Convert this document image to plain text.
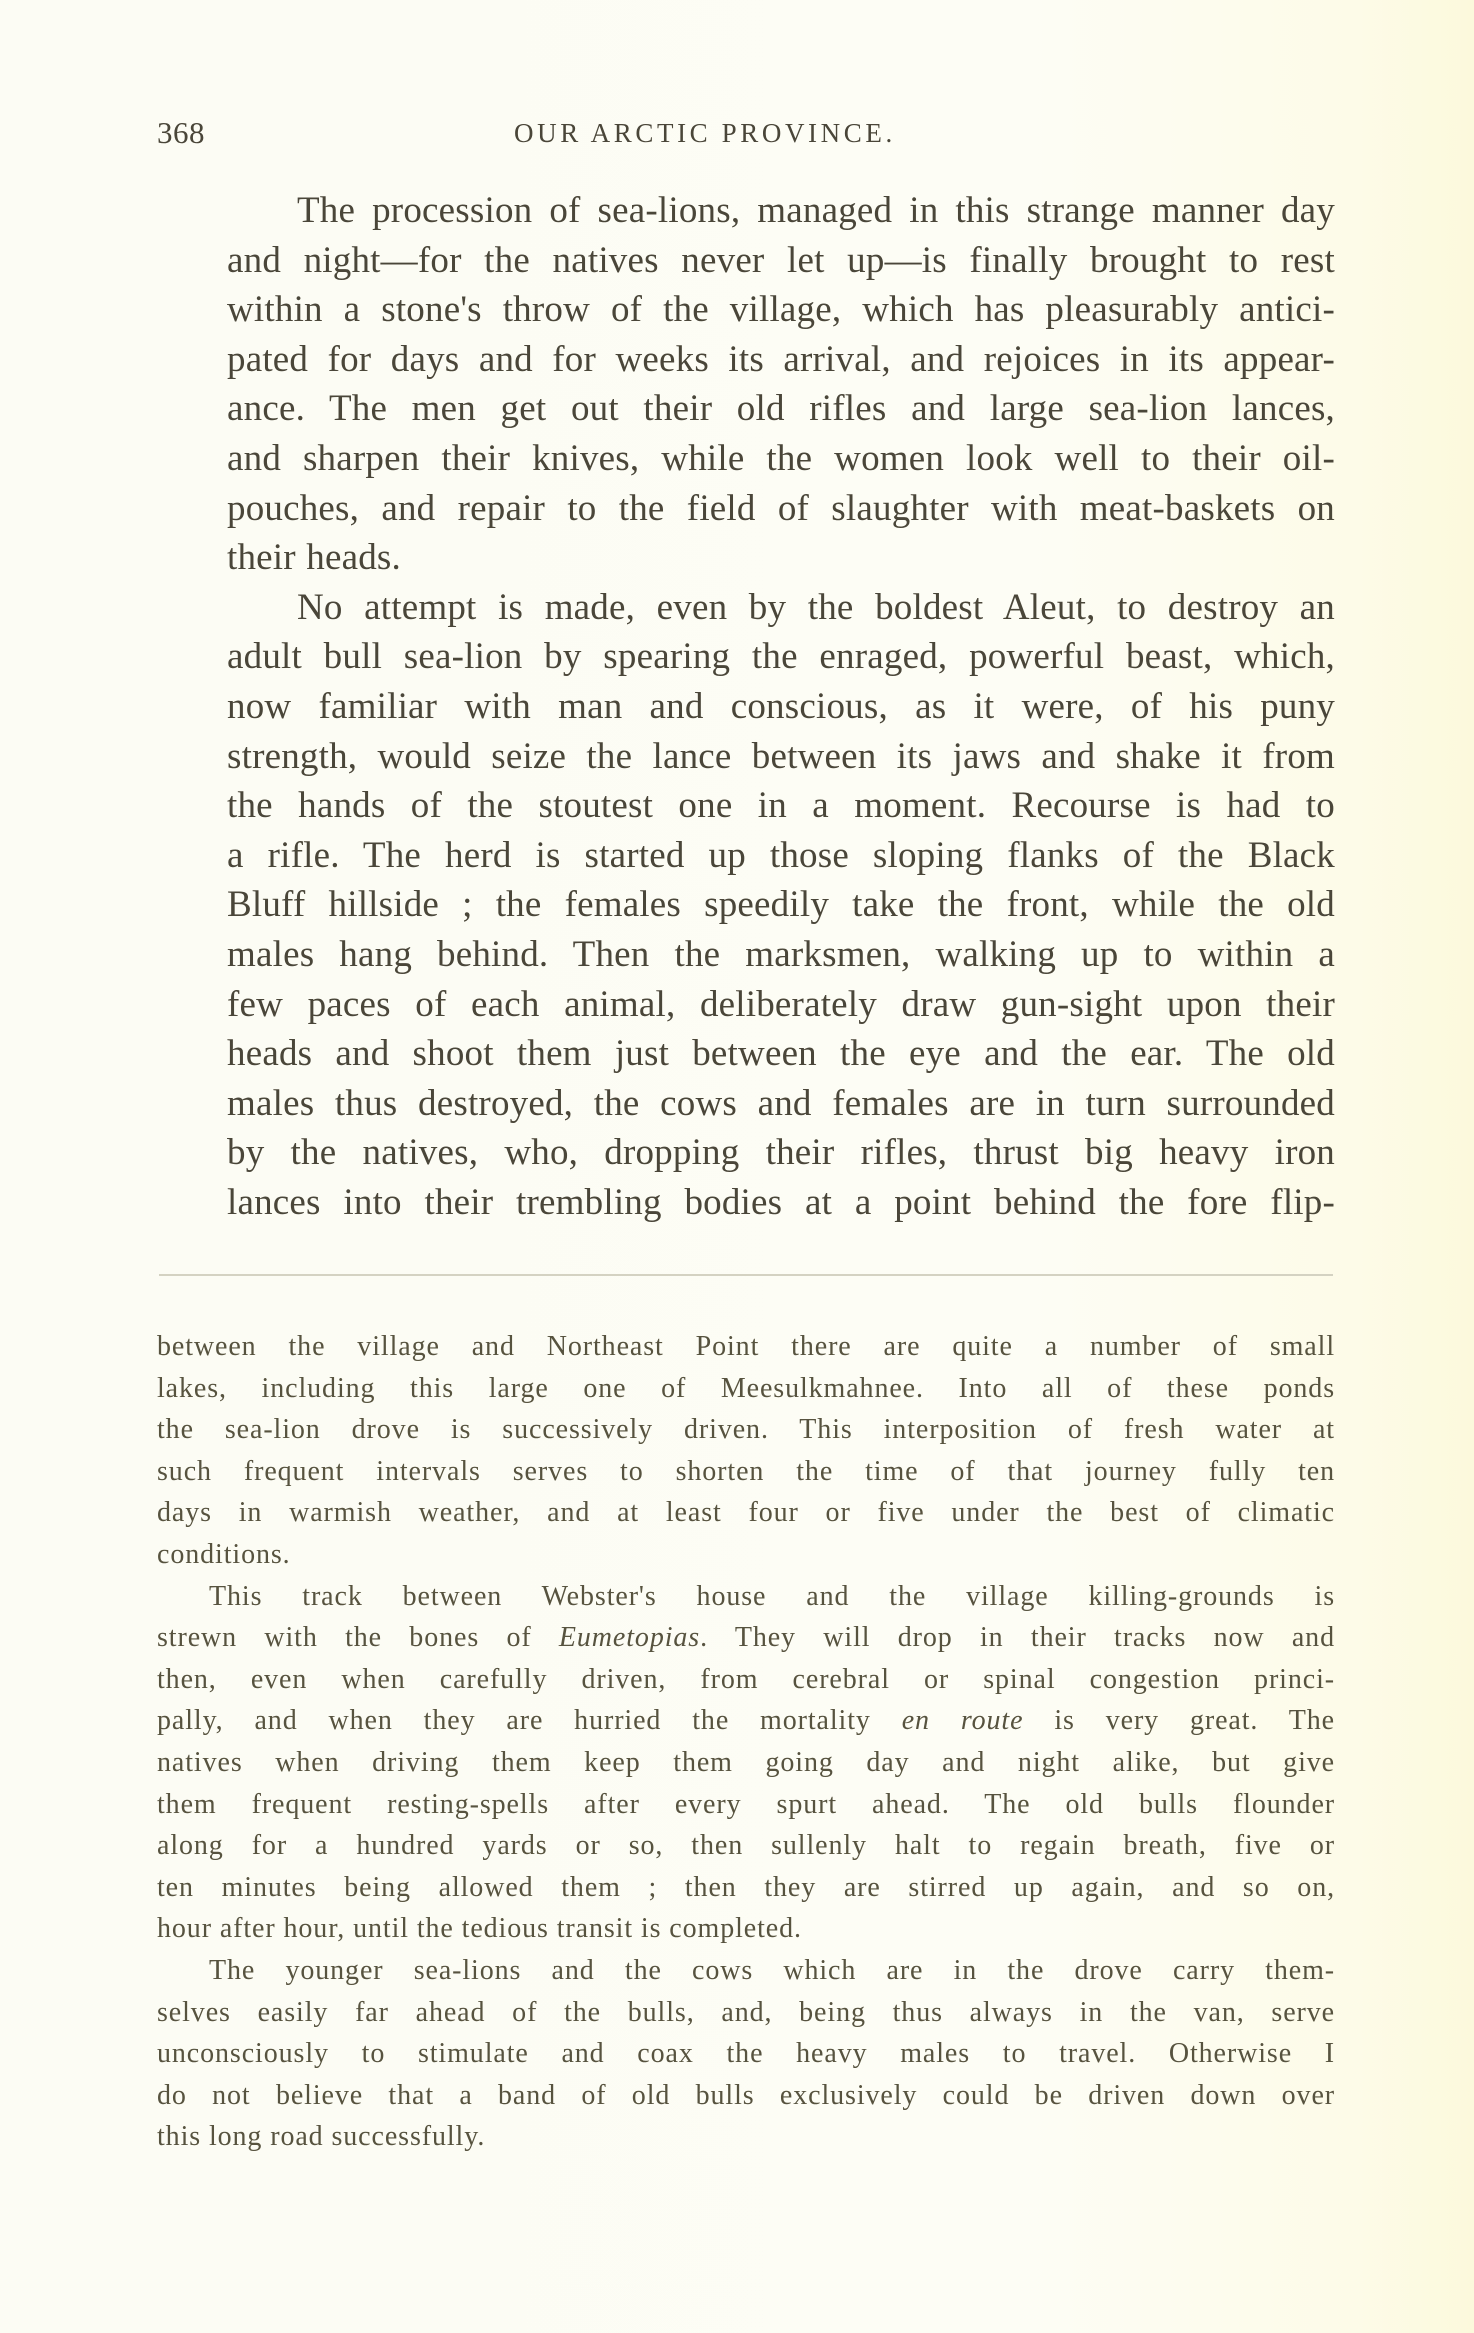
368	OUR ARCTIC PROVINCE.

The procession of sea-lions, managed in this strange manner day
and night—for the natives never let up—is finally brought to rest
within a stone's throw of the village, which has pleasurably antici-
pated for days and for weeks its arrival, and rejoices in its appear-
ance. The men get out their old rifles and large sea-lion lances,
and sharpen their knives, while the women look well to their oil-
pouches, and repair to the field of slaughter with meat-baskets on
their heads.

No attempt is made, even by the boldest Aleut, to destroy an
adult bull sea-lion by spearing the enraged, powerful beast, which,
now familiar with man and conscious, as it were, of his puny
strength, would seize the lance between its jaws and shake it from
the hands of the stoutest one in a moment. Recourse is had to
a rifle. The herd is started up those sloping flanks of the Black
Bluff hillside ; the females speedily take the front, while the old
males hang behind. Then the marksmen, walking up to within a
few paces of each animal, deliberately draw gun-sight upon their
heads and shoot them just between the eye and the ear. The old
males thus destroyed, the cows and females are in turn surrounded
by the natives, who, dropping their rifles, thrust big heavy iron
lances into their trembling bodies at a point behind the fore flip-

between the village and Northeast Point there are quite a number of small
lakes, including this large one of Meesulkmahnee. Into all of these ponds
the sea-lion drove is successively driven. This interposition of fresh water at
such frequent intervals serves to shorten the time of that journey fully ten
days in warmish weather, and at least four or five under the best of climatic
conditions.

This track between Webster's house and the village killing-grounds is
strewn with the bones of Eumetopias. They will drop in their tracks now and
then, even when carefully driven, from cerebral or spinal congestion princi-
pally, and when they are hurried the mortality en route is very great. The
natives when driving them keep them going day and night alike, but give
them frequent resting-spells after every spurt ahead. The old bulls flounder
along for a hundred yards or so, then sullenly halt to regain breath, five or
ten minutes being allowed them ; then they are stirred up again, and so on,
hour after hour, until the tedious transit is completed.

The younger sea-lions and the cows which are in the drove carry them-
selves easily far ahead of the bulls, and, being thus always in the van, serve
unconsciously to stimulate and coax the heavy males to travel. Otherwise I
do not believe that a band of old bulls exclusively could be driven down over
this long road successfully.
